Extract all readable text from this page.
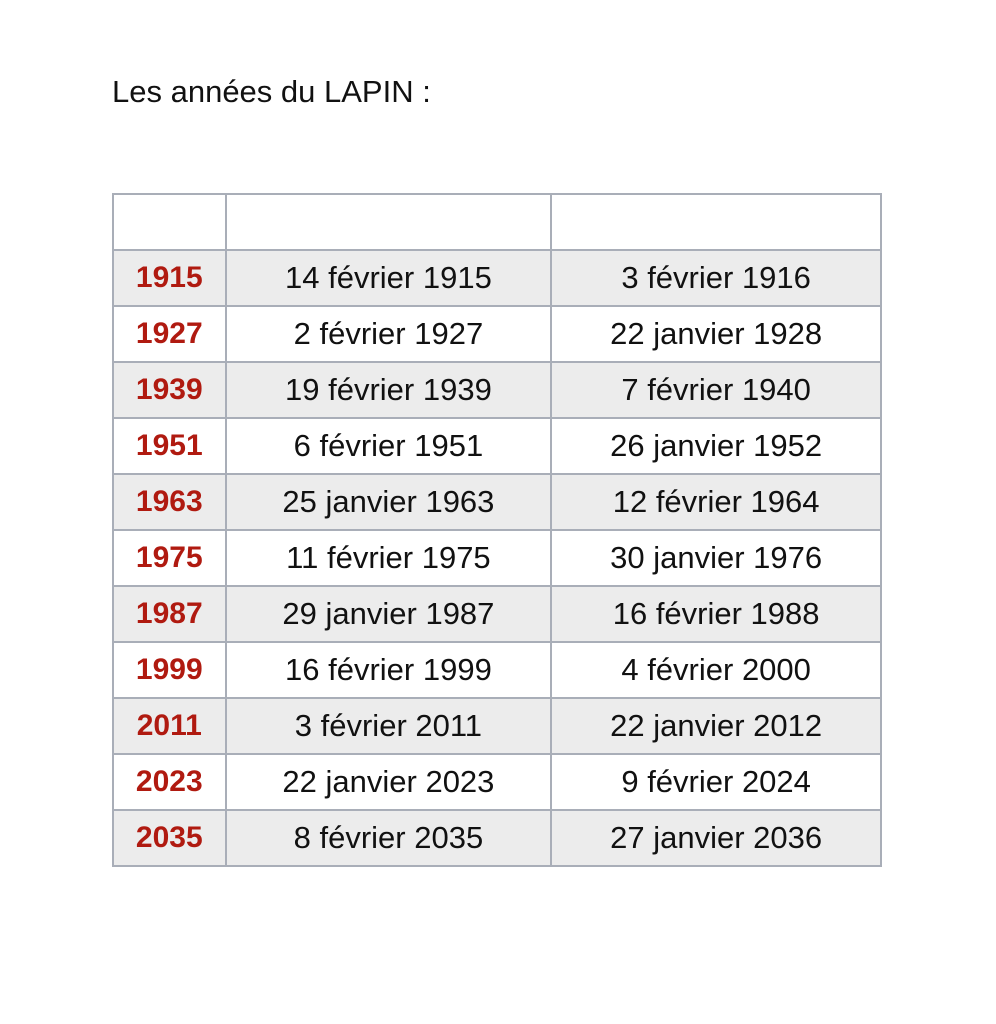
Les années du LAPIN :

1915	14 février 1915	3 février 1916
1927	2 février 1927	22 janvier 1928
1939	19 février 1939	7 février 1940
1951	6 février 1951	26 janvier 1952
1963	25 janvier 1963	12 février 1964
1975	11 février 1975	30 janvier 1976
1987	29 janvier 1987	16 février 1988
1999	16 février 1999	4 février 2000
2011	3 février 2011	22 janvier 2012
2023	22 janvier 2023	9 février 2024
2035	8 février 2035	27 janvier 2036
